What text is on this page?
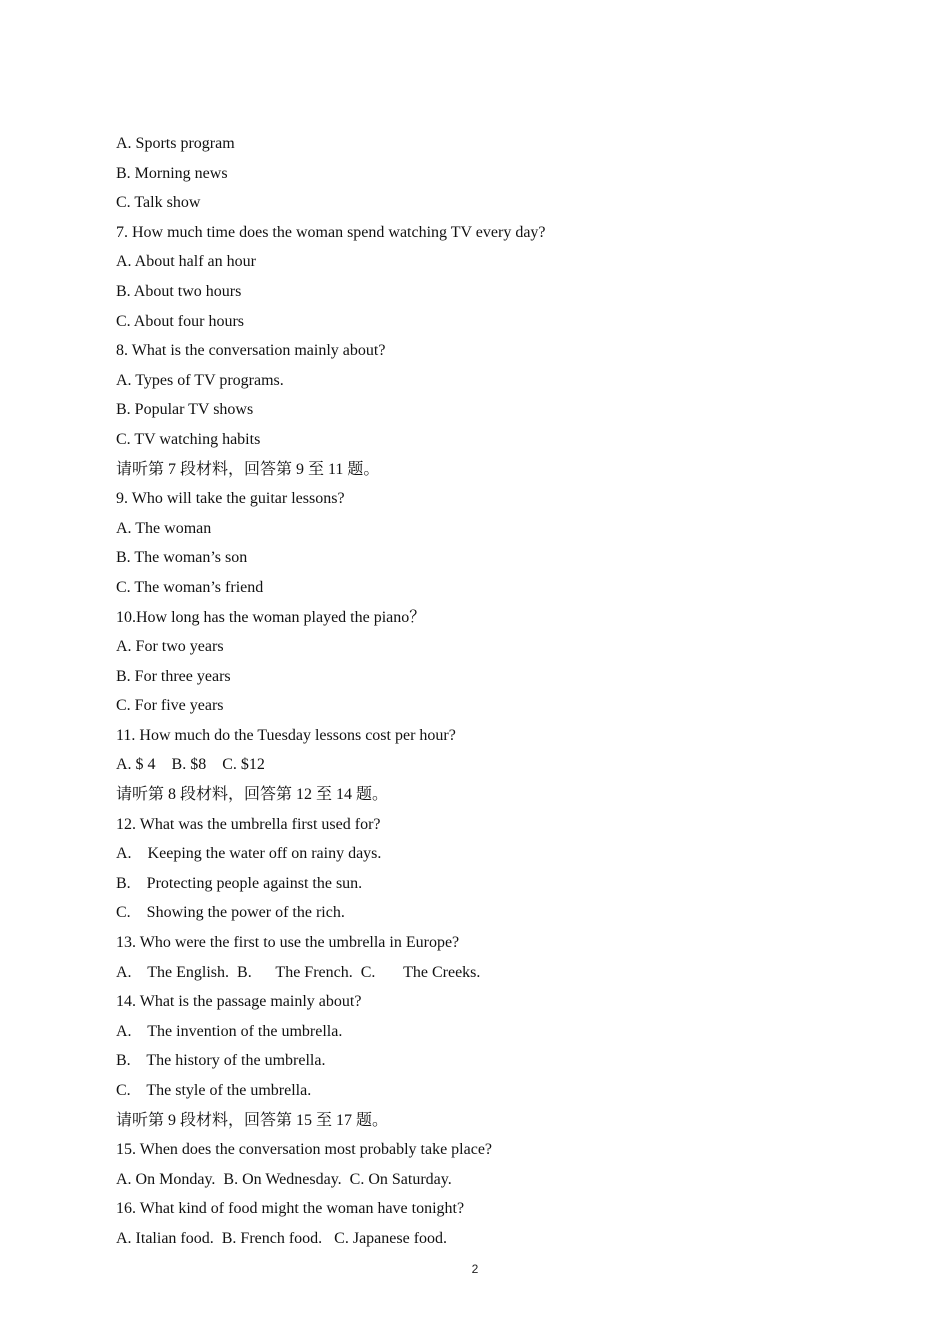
A. Sports program
B. Morning news
C. Talk show
7. How much time does the woman spend watching TV every day?
A. About half an hour
B. About two hours
C. About four hours
8. What is the conversation mainly about?
A. Types of TV programs.
B. Popular TV shows
C. TV watching habits
请听第 7 段材料，回答第 9 至 11 题。
9. Who will take the guitar lessons?
A. The woman
B. The woman’s son
C. The woman’s friend
10.How long has the woman played the piano？
A. For two years
B. For three years
C. For five years
11. How much do the Tuesday lessons cost per hour?
A. $ 4    B. $8    C. $12
请听第 8 段材料，回答第 12 至 14 题。
12. What was the umbrella first used for?
A.    Keeping the water off on rainy days.
B.    Protecting people against the sun.
C.    Showing the power of the rich.
13. Who were the first to use the umbrella in Europe?
A.    The English.  B.      The French.  C.       The Creeks.
14. What is the passage mainly about?
A.    The invention of the umbrella.
B.    The history of the umbrella.
C.    The style of the umbrella.
请听第 9 段材料，回答第 15 至 17 题。
15. When does the conversation most probably take place?
A. On Monday.  B. On Wednesday.  C. On Saturday.
16. What kind of food might the woman have tonight?
A. Italian food.  B. French food.   C. Japanese food.
2
